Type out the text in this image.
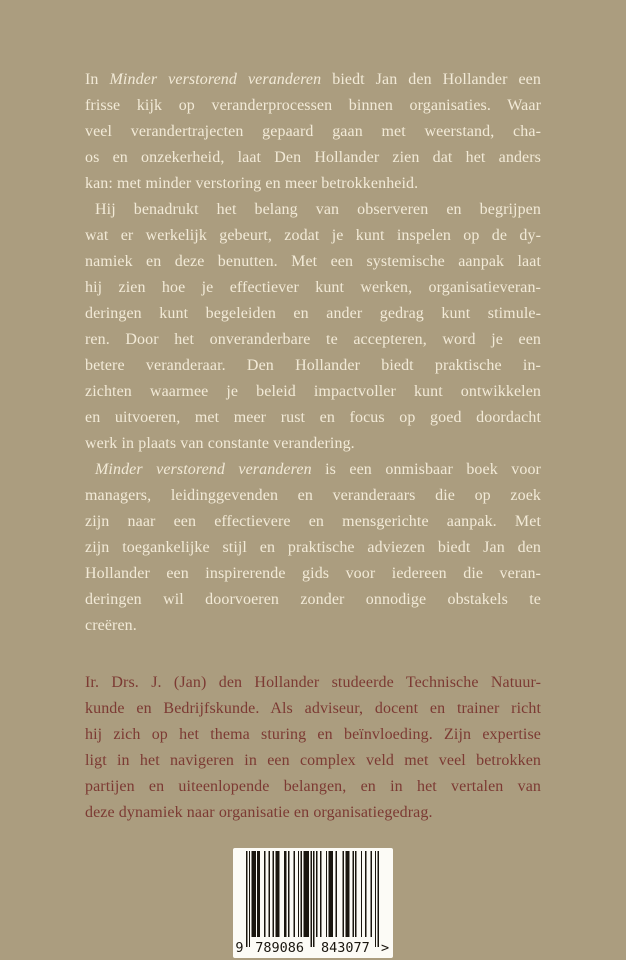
In Minder verstorend veranderen biedt Jan den Hollander een
frisse kijk op veranderprocessen binnen organisaties. Waar
veel verandertrajecten gepaard gaan met weerstand, cha-
os en onzekerheid, laat Den Hollander zien dat het anders
kan: met minder verstoring en meer betrokkenheid.
Hij benadrukt het belang van observeren en begrijpen
wat er werkelijk gebeurt, zodat je kunt inspelen op de dy-
namiek en deze benutten. Met een systemische aanpak laat
hij zien hoe je effectiever kunt werken, organisatieveran-
deringen kunt begeleiden en ander gedrag kunt stimule-
ren. Door het onveranderbare te accepteren, word je een
betere veranderaar. Den Hollander biedt praktische in-
zichten waarmee je beleid impactvoller kunt ontwikkelen
en uitvoeren, met meer rust en focus op goed doordacht
werk in plaats van constante verandering.
Minder verstorend veranderen is een onmisbaar boek voor
managers, leidinggevenden en veranderaars die op zoek
zijn naar een effectievere en mensgerichte aanpak. Met
zijn toegankelijke stijl en praktische adviezen biedt Jan den
Hollander een inspirerende gids voor iedereen die veran-
deringen wil doorvoeren zonder onnodige obstakels te
creëren.
Ir. Drs. J. (Jan) den Hollander studeerde Technische Natuur-
kunde en Bedrijfskunde. Als adviseur, docent en trainer richt
hij zich op het thema sturing en beïnvloeding. Zijn expertise
ligt in het navigeren in een complex veld met veel betrokken
partijen en uiteenlopende belangen, en in het vertalen van
deze dynamiek naar organisatie en organisatiegedrag.
9 789086 843077 >
